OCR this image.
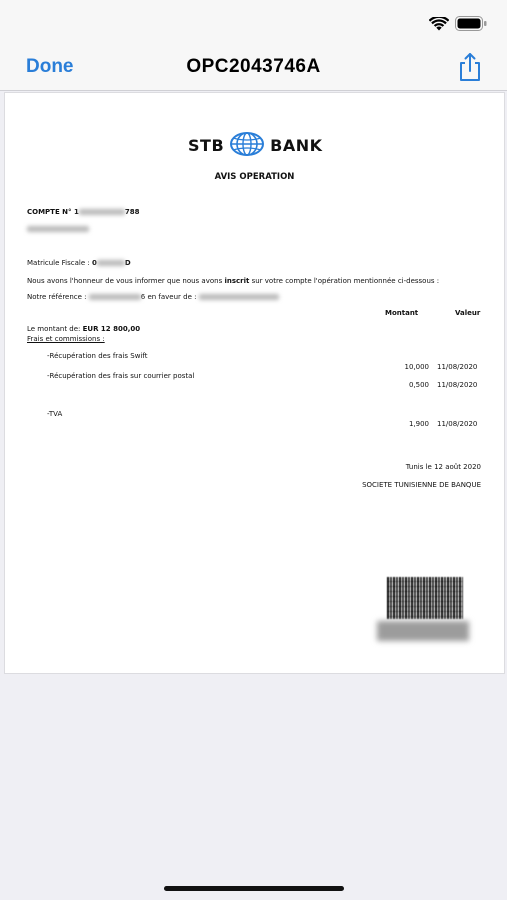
Done	OPC2043746A
STB	BANK
AVIS OPERATION
COMPTE N° 1	788
Matricule Fiscale : 0	D
Nous avons l'honneur de vous informer que nous avons inscrit sur votre compte l'opération mentionnée ci-dessous :
Notre référence :	6 en faveur de :
Montant	Valeur
Le montant de: EUR 12 800,00
Frais et commissions :
-Récupération des frais Swift
10,000 11/08/2020
-Récupération des frais sur courrier postal
0,500 11/08/2020
-TVA
1,900 11/08/2020
Tunis le 12 août 2020
SOCIETE TUNISIENNE DE BANQUE
